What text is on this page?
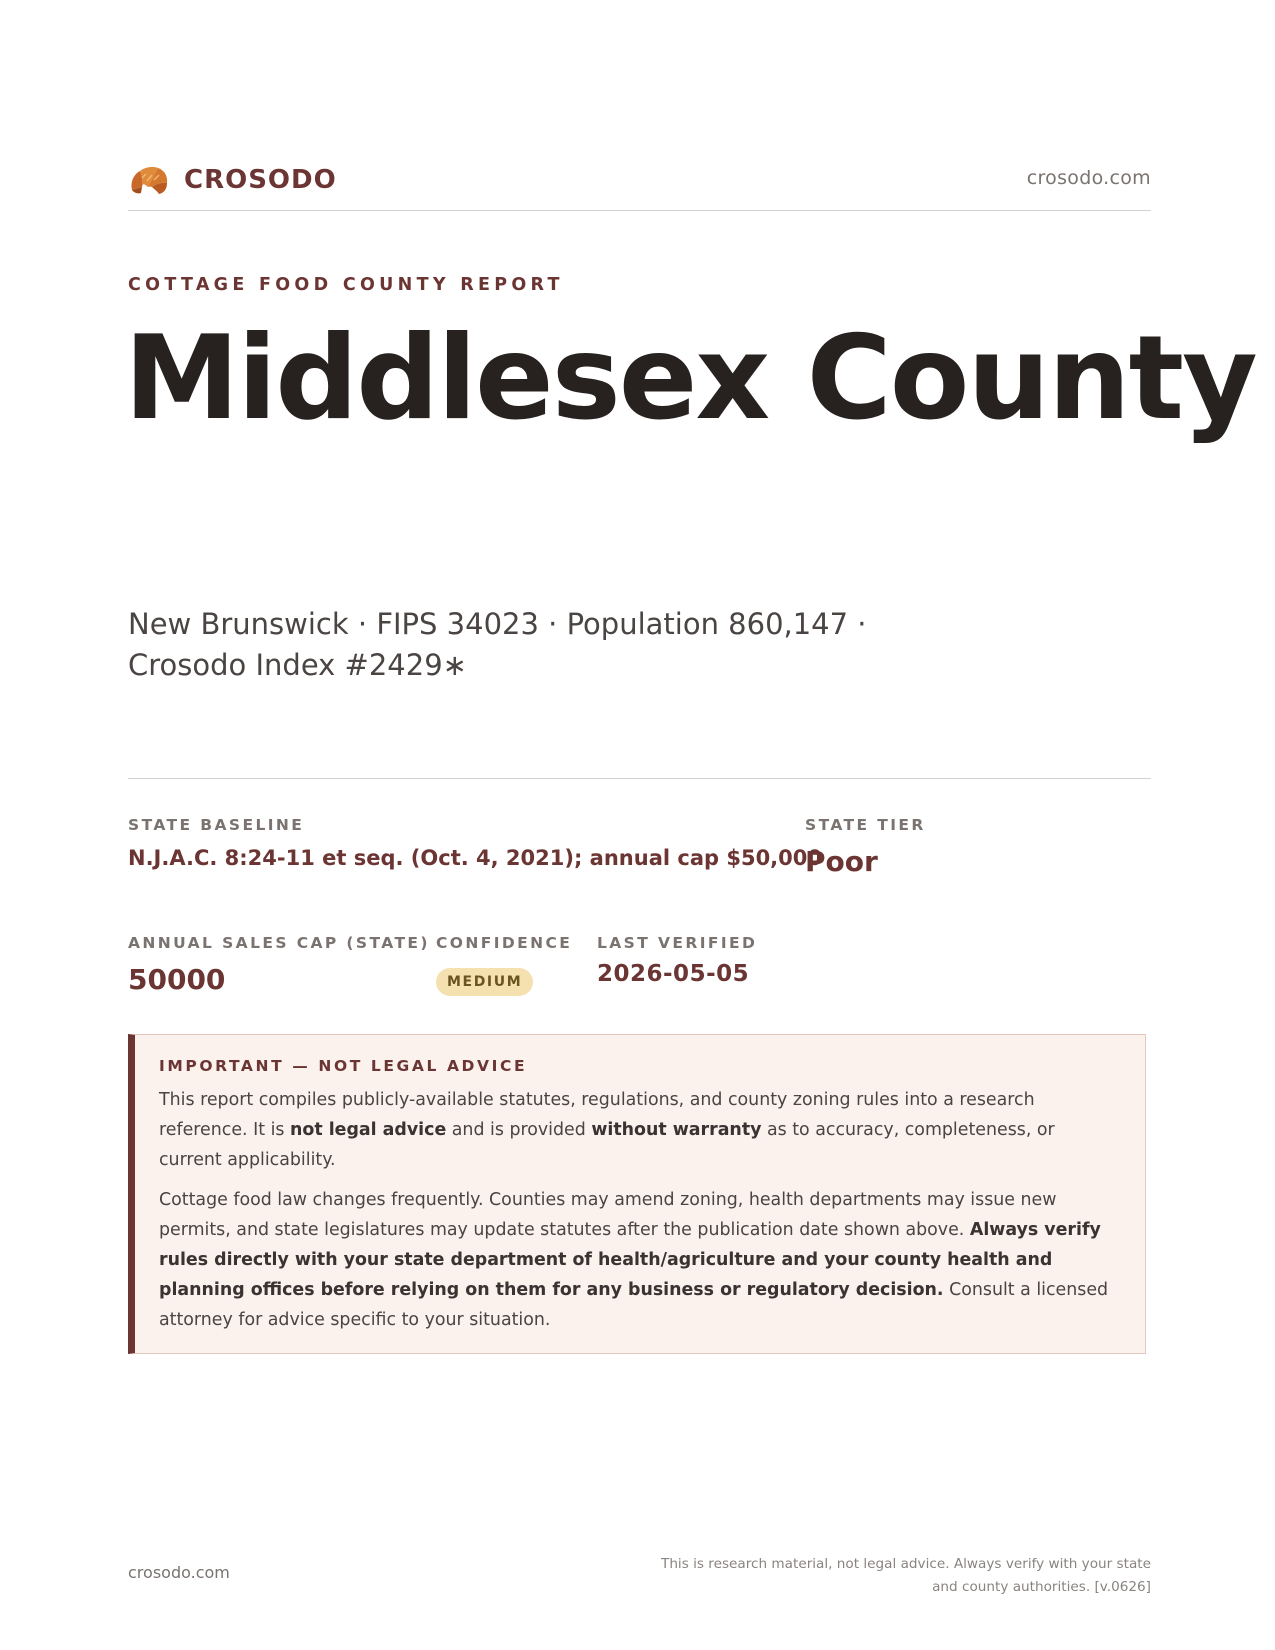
CROSODO	crosodo.com
COTTAGE FOOD COUNTY REPORT
Middlesex County
New Brunswick · FIPS 34023 · Population 860,147 ·
Crosodo Index #2429∗
STATE BASELINE
N.J.A.C. 8:24-11 et seq. (Oct. 4, 2021); annual cap $50,000
STATE TIER
Poor
ANNUAL SALES CAP (STATE)
50000
CONFIDENCE
MEDIUM
LAST VERIFIED
2026-05-05
IMPORTANT — NOT LEGAL ADVICE

This report compiles publicly-available statutes, regulations, and county zoning rules into a research reference. It is not legal advice and is provided without warranty as to accuracy, completeness, or current applicability.

Cottage food law changes frequently. Counties may amend zoning, health departments may issue new permits, and state legislatures may update statutes after the publication date shown above. Always verify rules directly with your state department of health/agriculture and your county health and planning offices before relying on them for any business or regulatory decision. Consult a licensed attorney for advice specific to your situation.

crosodo.com	This is research material, not legal advice. Always verify with your state
and county authorities. [v.0626]
